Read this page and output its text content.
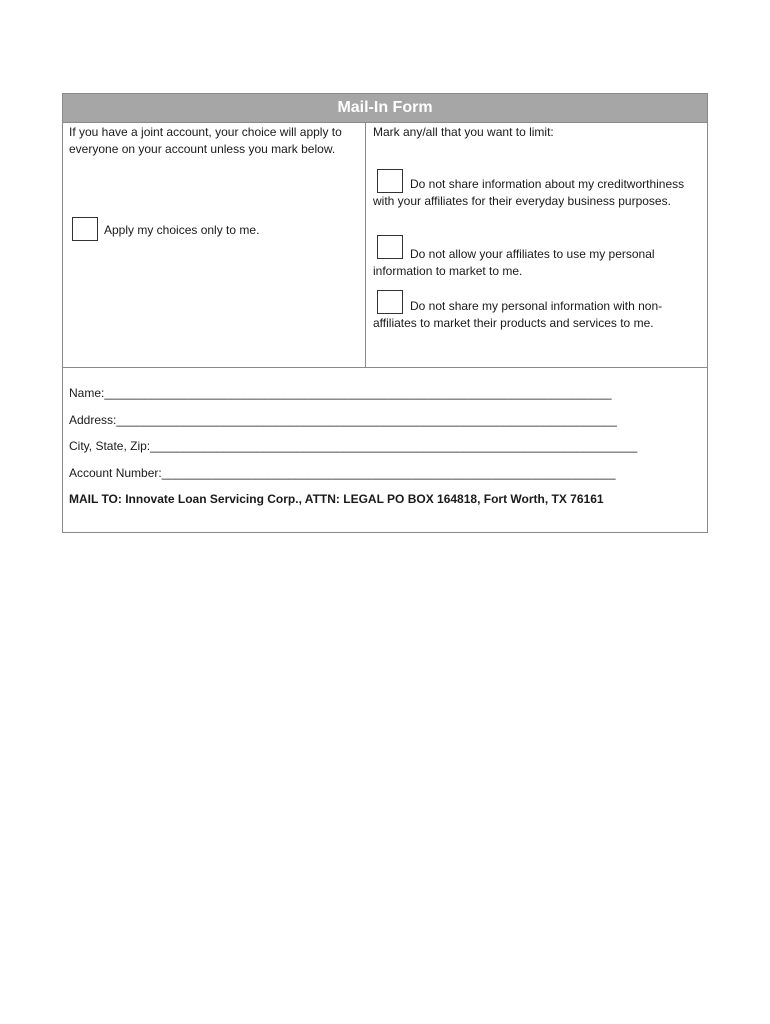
Mail-In Form
If you have a joint account, your choice will apply to everyone on your account unless you mark below.
Apply my choices only to me.
Mark any/all that you want to limit:
Do not share information about my creditworthiness with your affiliates for their everyday business purposes.
Do not allow your affiliates to use my personal information to market to me.
Do not share my personal information with non-affiliates to market their products and services to me.
Name:____________________________________________________________________________
Address:___________________________________________________________________________
City, State, Zip:_________________________________________________________________________
Account Number:____________________________________________________________________
MAIL TO: Innovate Loan Servicing Corp., ATTN: LEGAL PO BOX 164818, Fort Worth, TX 76161
